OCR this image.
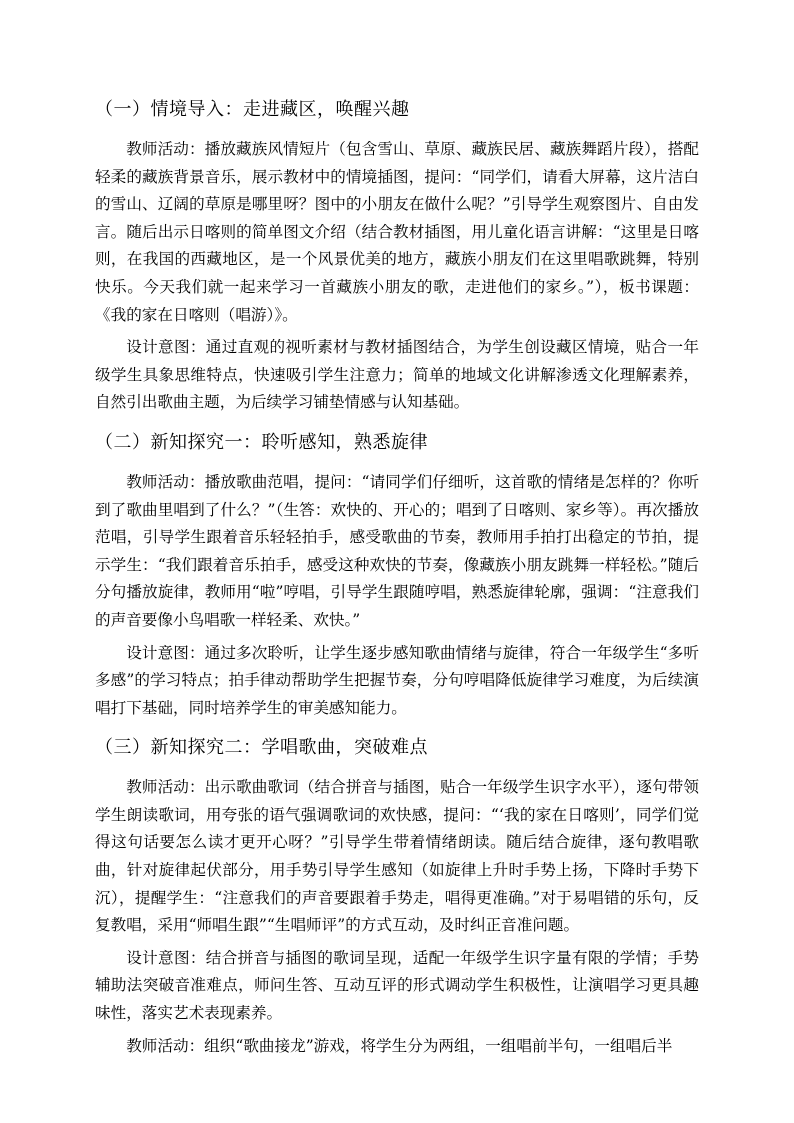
（一）情境导入：走进藏区，唤醒兴趣

教师活动：播放藏族风情短片（包含雪山、草原、藏族民居、藏族舞蹈片段），搭配轻柔的藏族背景音乐，展示教材中的情境插图，提问：“同学们，请看大屏幕，这片洁白的雪山、辽阔的草原是哪里呀？图中的小朋友在做什么呢？”引导学生观察图片、自由发言。随后出示日喀则的简单图文介绍（结合教材插图，用儿童化语言讲解：“这里是日喀则，在我国的西藏地区，是一个风景优美的地方，藏族小朋友们在这里唱歌跳舞，特别快乐。今天我们就一起来学习一首藏族小朋友的歌，走进他们的家乡。”），板书课题：《我的家在日喀则（唱游）》。

设计意图：通过直观的视听素材与教材插图结合，为学生创设藏区情境，贴合一年级学生具象思维特点，快速吸引学生注意力；简单的地域文化讲解渗透文化理解素养，自然引出歌曲主题，为后续学习铺垫情感与认知基础。

（二）新知探究一：聆听感知，熟悉旋律

教师活动：播放歌曲范唱，提问：“请同学们仔细听，这首歌的情绪是怎样的？你听到了歌曲里唱到了什么？”（生答：欢快的、开心的；唱到了日喀则、家乡等）。再次播放范唱，引导学生跟着音乐轻轻拍手，感受歌曲的节奏，教师用手拍打出稳定的节拍，提示学生：“我们跟着音乐拍手，感受这种欢快的节奏，像藏族小朋友跳舞一样轻松。”随后分句播放旋律，教师用“啦”哼唱，引导学生跟随哼唱，熟悉旋律轮廓，强调：“注意我们的声音要像小鸟唱歌一样轻柔、欢快。”

设计意图：通过多次聆听，让学生逐步感知歌曲情绪与旋律，符合一年级学生“多听多感”的学习特点；拍手律动帮助学生把握节奏，分句哼唱降低旋律学习难度，为后续演唱打下基础，同时培养学生的审美感知能力。

（三）新知探究二：学唱歌曲，突破难点

教师活动：出示歌曲歌词（结合拼音与插图，贴合一年级学生识字水平），逐句带领学生朗读歌词，用夸张的语气强调歌词的欢快感，提问：“‘我的家在日喀则’，同学们觉得这句话要怎么读才更开心呀？”引导学生带着情绪朗读。随后结合旋律，逐句教唱歌曲，针对旋律起伏部分，用手势引导学生感知（如旋律上升时手势上扬，下降时手势下沉），提醒学生：“注意我们的声音要跟着手势走，唱得更准确。”对于易唱错的乐句，反复教唱，采用“师唱生跟”“生唱师评”的方式互动，及时纠正音准问题。

设计意图：结合拼音与插图的歌词呈现，适配一年级学生识字量有限的学情；手势辅助法突破音准难点，师问生答、互动互评的形式调动学生积极性，让演唱学习更具趣味性，落实艺术表现素养。

教师活动：组织“歌曲接龙”游戏，将学生分为两组，一组唱前半句，一组唱后半
